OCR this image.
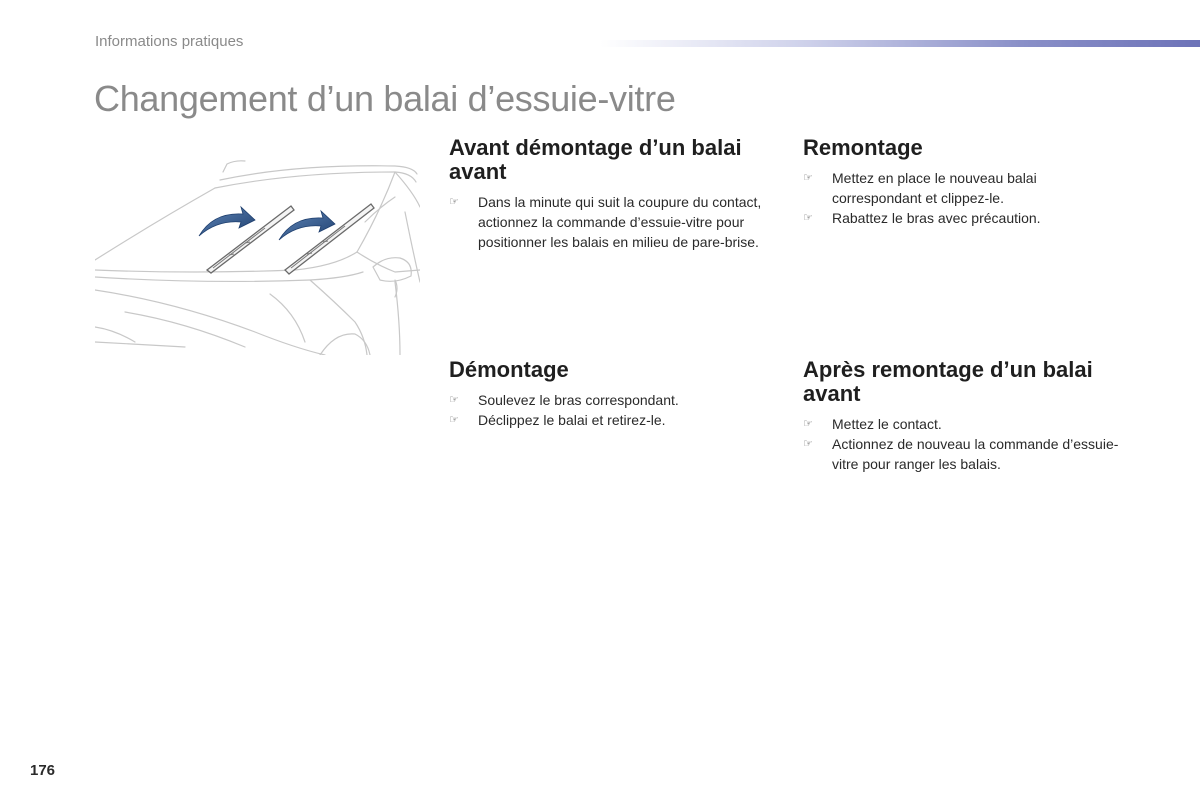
Informations pratiques
Changement d’un balai d’essuie-vitre
Avant démontage d’un balai avant
☞	Dans la minute qui suit la coupure du contact, actionnez la commande d’essuie-vitre pour positionner les balais en milieu de pare-brise.
Remontage
☞	Mettez en place le nouveau balai correspondant et clippez-le.
☞	Rabattez le bras avec précaution.
Démontage
☞	Soulevez le bras correspondant.
☞	Déclippez le balai et retirez-le.
Après remontage d’un balai avant
☞	Mettez le contact.
☞	Actionnez de nouveau la commande d’essuie-vitre pour ranger les balais.
176
